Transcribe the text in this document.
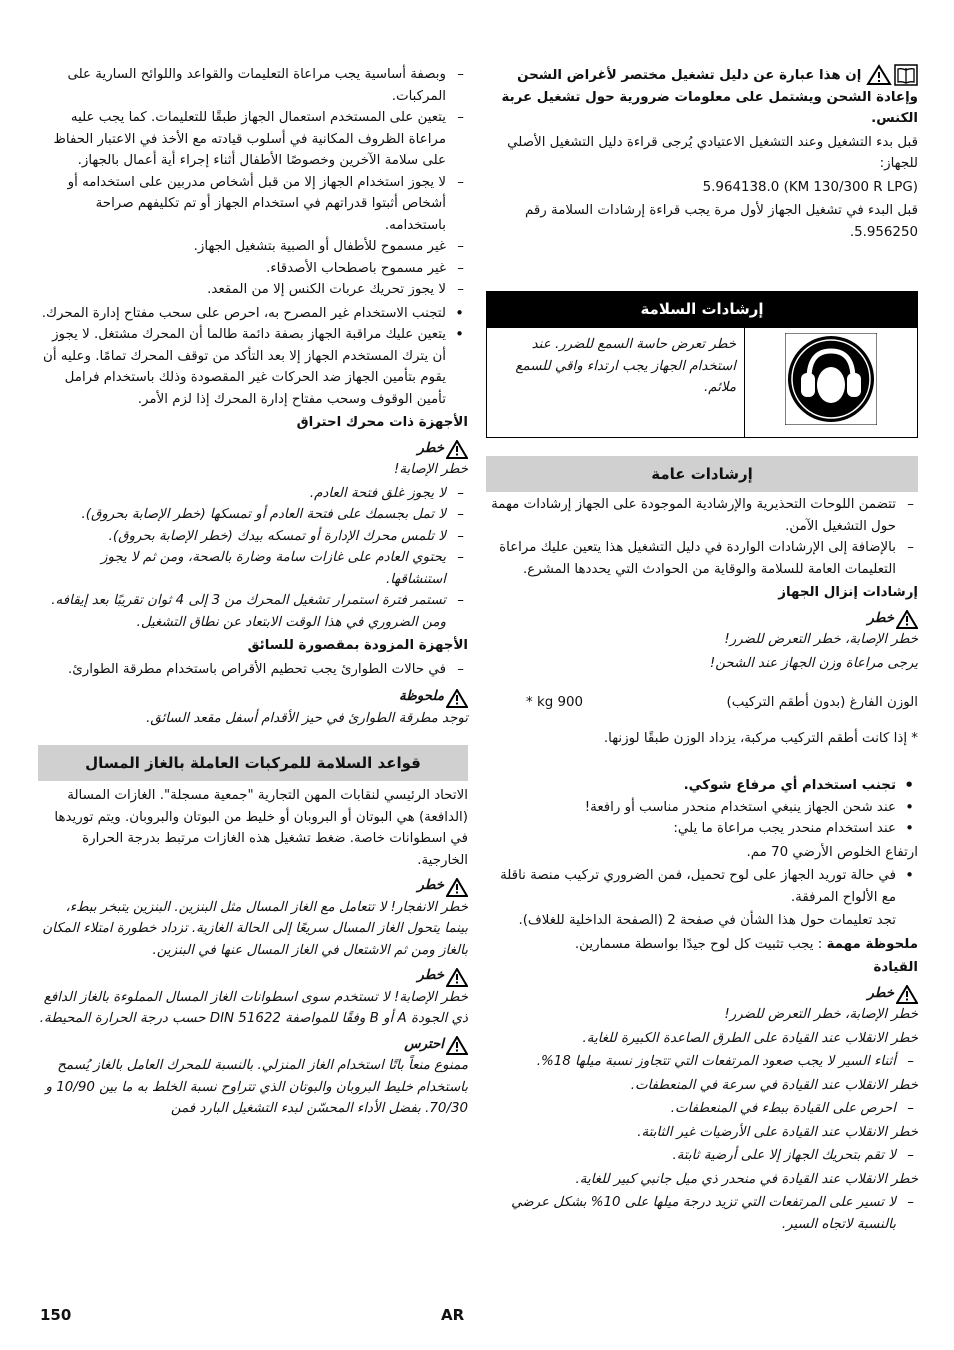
إن هذا عبارة عن دليل تشغيل مختصر لأغراض الشحن وإعادة الشحن ويشتمل على معلومات ضرورية حول تشغيل عربة الكنس.

قبل بدء التشغيل وعند التشغيل الاعتيادي يُرجى قراءة دليل التشغيل الأصلي للجهاز:

(KM 130/300 R LPG) 5.964138.0

قبل البدء في تشغيل الجهاز لأول مرة يجب قراءة إرشادات السلامة رقم 5.956250.

إرشادات السلامة
	خطر تعرض حاسة السمع للضرر. عند استخدام الجهاز يجب ارتداء واقي للسمع ملائم.
إرشادات عامة
– تتضمن اللوحات التحذيرية والإرشادية الموجودة على الجهاز إرشادات مهمة حول التشغيل الآمن.
– بالإضافة إلى الإرشادات الواردة في دليل التشغيل هذا يتعين عليك مراعاة التعليمات العامة للسلامة والوقاية من الحوادث التي يحددها المشرع.

إرشادات إنزال الجهاز

خطر

خطر الإصابة، خطر التعرض للضرر!

يرجى مراعاة وزن الجهاز عند الشحن!

الوزن الفارغ (بدون أطقم التركيب)
900 kg *

* إذا كانت أطقم التركيب مركبة، يزداد الوزن طبقًا لوزنها.

• تجنب استخدام أي مرفاع شوكي.
• عند شحن الجهاز ينبغي استخدام منحدر مناسب أو رافعة!
• عند استخدام منحدر يجب مراعاة ما يلي:

ارتفاع الخلوص الأرضي 70 مم.

• في حالة توريد الجهاز على لوح تحميل، فمن الضروري تركيب منصة ناقلة مع الألواح المرفقة.

تجد تعليمات حول هذا الشأن في صفحة 2 (الصفحة الداخلية للغلاف).

ملحوظة مهمة : يجب تثبيت كل لوح جيدًا بواسطة مسمارين.

القيادة

خطر

خطر الإصابة، خطر التعرض للضرر!

خطر الانقلاب عند القيادة على الطرق الصاعدة الكبيرة للغاية.

– أثناء السير لا يجب صعود المرتفعات التي تتجاوز نسبة ميلها 18%.

خطر الانقلاب عند القيادة في سرعة في المنعطفات.

– احرص على القيادة ببطء في المنعطفات.

خطر الانقلاب عند القيادة على الأرضيات غير الثابتة.

– لا تقم بتحريك الجهاز إلا على أرضية ثابتة.

خطر الانقلاب عند القيادة في منحدر ذي ميل جانبي كبير للغاية.

– لا تسير على المرتفعات التي تزيد درجة ميلها على 10% بشكل عرضي بالنسبة لاتجاه السير.
– وبصفة أساسية يجب مراعاة التعليمات والقواعد واللوائح السارية على المركبات.
– يتعين على المستخدم استعمال الجهاز طبقًا للتعليمات. كما يجب عليه مراعاة الظروف المكانية في أسلوب قيادته مع الأخذ في الاعتبار الحفاظ على سلامة الآخرين وخصوصًا الأطفال أثناء إجراء أية أعمال بالجهاز.
– لا يجوز استخدام الجهاز إلا من قبل أشخاص مدربين على استخدامه أو أشخاص أثبتوا قدراتهم في استخدام الجهاز أو تم تكليفهم صراحة باستخدامه.
– غير مسموح للأطفال أو الصبية بتشغيل الجهاز.
– غير مسموح باصطحاب الأصدقاء.
– لا يجوز تحريك عربات الكنس إلا من المقعد.
• لتجنب الاستخدام غير المصرح به، احرص على سحب مفتاح إدارة المحرك.
• يتعين عليك مراقبة الجهاز بصفة دائمة طالما أن المحرك مشتغل. لا يجوز أن يترك المستخدم الجهاز إلا بعد التأكد من توقف المحرك تمامًا. وعليه أن يقوم بتأمين الجهاز ضد الحركات غير المقصودة وذلك باستخدام فرامل تأمين الوقوف وسحب مفتاح إدارة المحرك إذا لزم الأمر.

الأجهزة ذات محرك احتراق

خطر

خطر الإصابة!

– لا يجوز غلق فتحة العادم.
– لا تمل بجسمك على فتحة العادم أو تمسكها (خطر الإصابة بحروق).
– لا تلمس محرك الإدارة أو تمسكه بيدك (خطر الإصابة بحروق).
– يحتوي العادم على غازات سامة وضارة بالصحة، ومن ثم لا يجوز استنشاقها.
– تستمر فترة استمرار تشغيل المحرك من 3 إلى 4 ثوان تقريبًا بعد إيقافه. ومن الضروري في هذا الوقت الابتعاد عن نطاق التشغيل.

الأجهزة المزودة بمقصورة للسائق

– في حالات الطوارئ يجب تحطيم الأقراص باستخدام مطرقة الطوارئ.
ملحوظة

توجد مطرقة الطوارئ في حيز الأقدام أسفل مقعد السائق.

قواعد السلامة للمركبات العاملة بالغاز المسال

الاتحاد الرئيسي لنقابات المهن التجارية "جمعية مسجلة". الغازات المسالة (الدافعة) هي البوتان أو البروبان أو خليط من البوتان والبروبان. ويتم توريدها في اسطوانات خاصة. ضغط تشغيل هذه الغازات مرتبط بدرجة الحرارة الخارجية.

خطر

خطر الانفجار! لا تتعامل مع الغاز المسال مثل البنزين. البنزين يتبخر ببطء، بينما يتحول الغاز المسال سريعًا إلى الحالة الغازية. تزداد خطورة امتلاء المكان بالغاز ومن ثم الاشتعال في الغاز المسال عنها في البنزين.

خطر

خطر الإصابة! لا تستخدم سوى اسطوانات الغاز المسال المملوءة بالغاز الدافع ذي الجودة A أو B وفقًا للمواصفة DIN 51622 حسب درجة الحرارة المحيطة.

احترس

ممنوع منعاً باتًا استخدام الغاز المنزلي. بالنسبة للمحرك العامل بالغاز يُسمح باستخدام خليط البروبان والبوتان الذي تتراوح نسبة الخلط به ما بين 10/90 و 70/30. بفضل الأداء المحسّن لبدء التشغيل البارد فمن

150	AR
